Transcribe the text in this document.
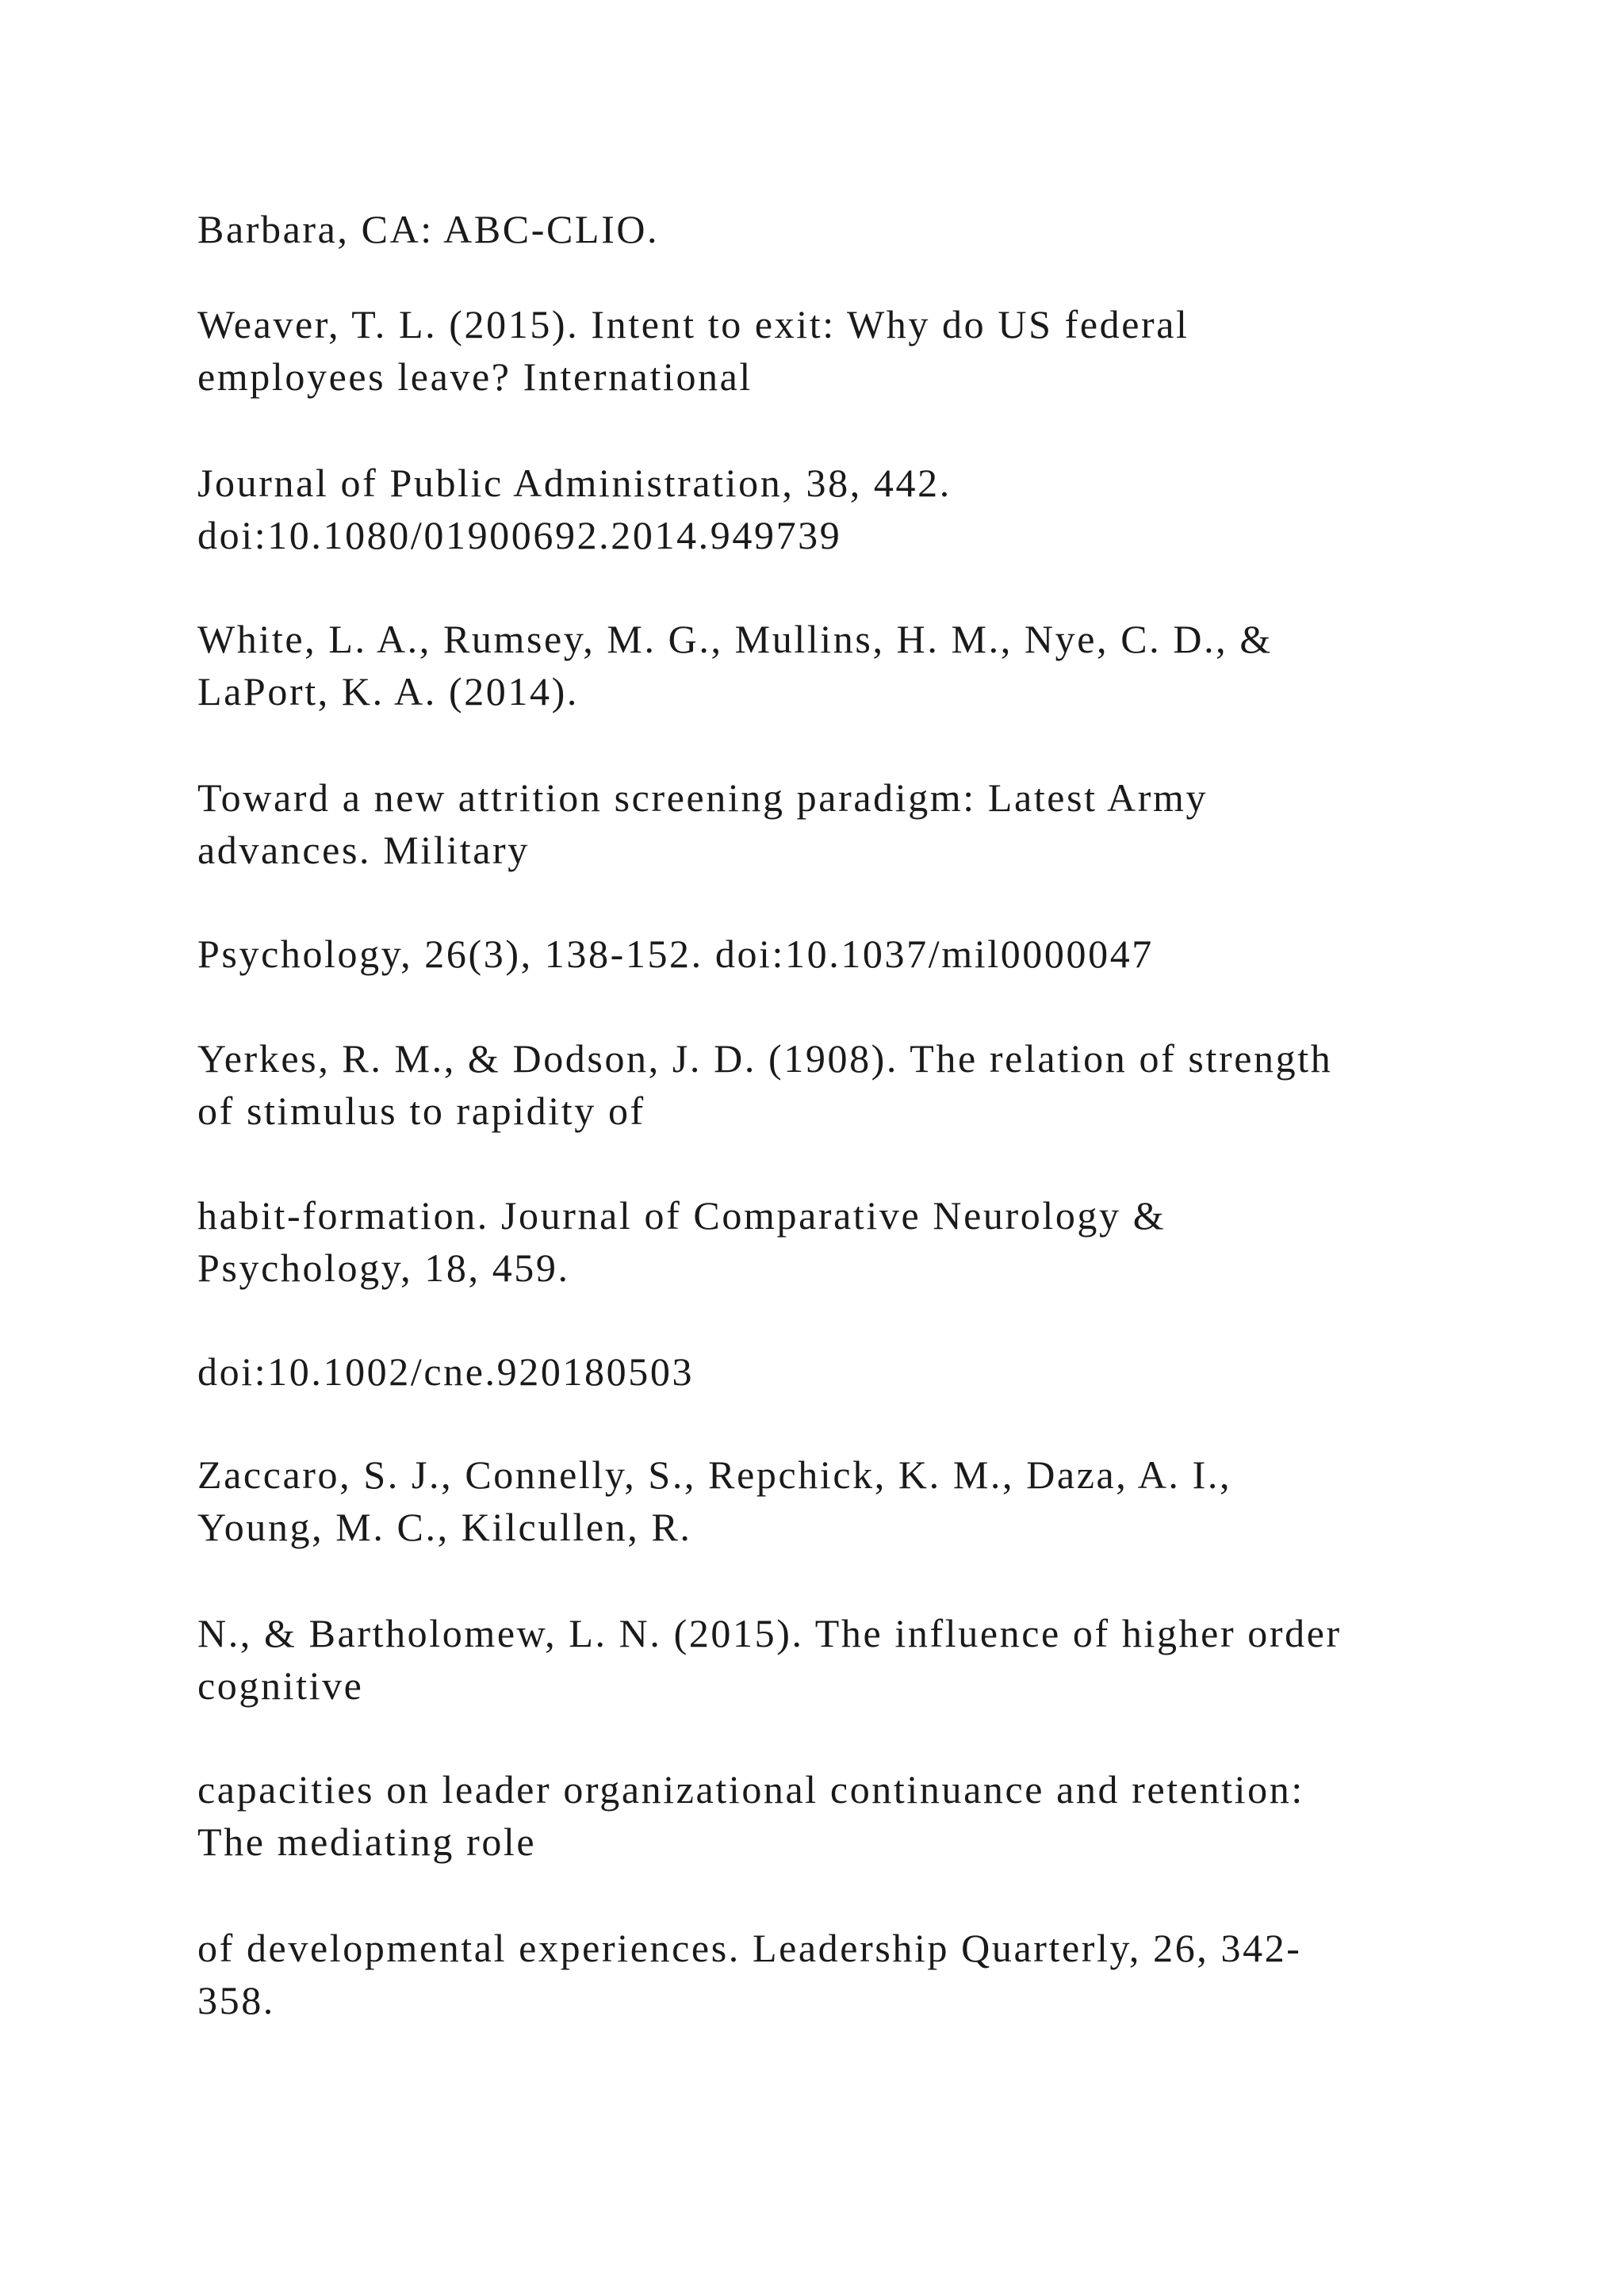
Barbara, CA: ABC-CLIO.
Weaver, T. L. (2015). Intent to exit: Why do US federal
employees leave? International
Journal of Public Administration, 38, 442.
doi:10.1080/01900692.2014.949739
White, L. A., Rumsey, M. G., Mullins, H. M., Nye, C. D., &
LaPort, K. A. (2014).
Toward a new attrition screening paradigm: Latest Army
advances. Military
Psychology, 26(3), 138-152. doi:10.1037/mil0000047
Yerkes, R. M., & Dodson, J. D. (1908). The relation of strength
of stimulus to rapidity of
habit-formation. Journal of Comparative Neurology &
Psychology, 18, 459.
doi:10.1002/cne.920180503
Zaccaro, S. J., Connelly, S., Repchick, K. M., Daza, A. I.,
Young, M. C., Kilcullen, R.
N., & Bartholomew, L. N. (2015). The influence of higher order
cognitive
capacities on leader organizational continuance and retention:
The mediating role
of developmental experiences. Leadership Quarterly, 26, 342-
358.
